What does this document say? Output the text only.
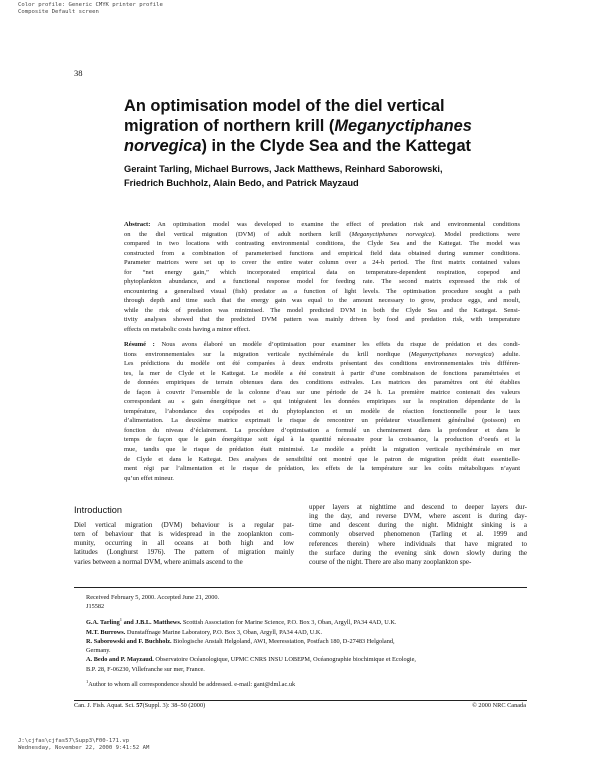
Color profile: Generic CMYK printer profile
Composite Default screen
38
An optimisation model of the diel vertical
migration of northern krill (Meganyctiphanes
norvegica) in the Clyde Sea and the Kattegat
Geraint Tarling, Michael Burrows, Jack Matthews, Reinhard Saborowski,
Friedrich Buchholz, Alain Bedo, and Patrick Mayzaud
Abstract: An optimisation model was developed to examine the effect of predation risk and environmental conditions
on the diel vertical migration (DVM) of adult northern krill (Meganyctiphanes norvegica). Model predictions were
compared in two locations with contrasting environmental conditions, the Clyde Sea and the Kattegat. The model was
constructed from a combination of parameterised functions and empirical field data obtained during summer conditions.
Parameter matrices were set up to cover the entire water column over a 24-h period. The first matrix contained values
for “net energy gain,” which incorporated empirical data on temperature-dependent respiration, copepod and
phytoplankton abundance, and a functional response model for feeding rate. The second matrix expressed the risk of
encountering a generalised visual (fish) predator as a function of light levels. The optimisation procedure sought a path
through depth and time such that the energy gain was equal to the amount necessary to grow, produce eggs, and moult,
while the risk of predation was minimised. The model predicted DVM in both the Clyde Sea and the Kattegat. Sensi-
tivity analyses showed that the predicted DVM pattern was mainly driven by food and predation risk, with temperature
effects on metabolic costs having a minor effect.
Résumé : Nous avons élaboré un modèle d’optimisation pour examiner les effets du risque de prédation et des condi-
tions environnementales sur la migration verticale nycthémérale du krill nordique (Meganyctiphanes norvegica) adulte.
Les prédictions du modèle ont été comparées à deux endroits présentant des conditions environnementales très différen-
tes, la mer de Clyde et le Kattegat. Le modèle a été construit à partir d’une combinaison de fonctions paramétrisées et
de données empiriques de terrain obtenues dans des conditions estivales. Les matrices des paramètres ont été établies
de façon à couvrir l’ensemble de la colonne d’eau sur une période de 24 h. La première matrice contenait des valeurs
correspondant au « gain énergétique net » qui intégraient les données empiriques sur la respiration dépendante de la
température, l’abondance des copépodes et du phytoplancton et un modèle de réaction fonctionnelle pour le taux
d’alimentation. La deuxième matrice exprimait le risque de rencontrer un prédateur visuellement généralisé (poisson) en
fonction du niveau d’éclairement. La procédure d’optimisation a formulé un cheminement dans la profondeur et dans le
temps de façon que le gain énergétique soit égal à la quantité nécessaire pour la croissance, la production d’oeufs et la
mue, tandis que le risque de prédation était minimisé. Le modèle a prédit la migration verticale nycthémérale en mer
de Clyde et dans le Kattegat. Des analyses de sensibilité ont montré que le patron de migration prédit était essentielle-
ment régi par l’alimentation et le risque de prédation, les effets de la température sur les coûts métaboliques n’ayant
qu’un effet mineur.
Introduction
Diel vertical migration (DVM) behaviour is a regular pat-
tern of behaviour that is widespread in the zooplankton com-
munity, occurring in all oceans at both high and low
latitudes (Longhurst 1976). The pattern of migration mainly
varies between a normal DVM, where animals ascend to the
upper layers at nighttime and descend to deeper layers dur-
ing the day, and reverse DVM, where ascent is during day-
time and descent during the night. Midnight sinking is a
commonly observed phenomenon (Tarling et al. 1999 and
references therein) where individuals that have migrated to
the surface during the evening sink down slowly during the
course of the night. There are also many zooplankton spe-
Received February 5, 2000. Accepted June 21, 2000.
J15582
G.A. Tarling$^1$ and J.B.L. Matthews. Scottish Association for Marine Science, P.O. Box 3, Oban, Argyll, PA34 4AD, U.K.
M.T. Burrows. Dunstaffnage Marine Laboratory, P.O. Box 3, Oban, Argyll, PA34 4AD, U.K.
R. Saborowski and F. Buchholz. Biologische Anstalt Helgoland, AWI, Meeresstation, Postfach 180, D-27483 Helgoland,
Germany.
A. Bedo and P. Mayzaud. Observatoire Océanologique, UPMC CNRS INSU LOBEPM, Océanographie biochimique et Ecologie,
B.P. 28, F-06230, Villefranche sur mer, France.
$^1$Author to whom all correspondence should be addressed. e-mail: gant@dml.ac.uk
Can. J. Fish. Aquat. Sci. 57(Suppl. 3): 38–50 (2000)	© 2000 NRC Canada
J:\cjfas\cjfas57\Supp3\F00-171.vp
Wednesday, November 22, 2000 9:41:52 AM
